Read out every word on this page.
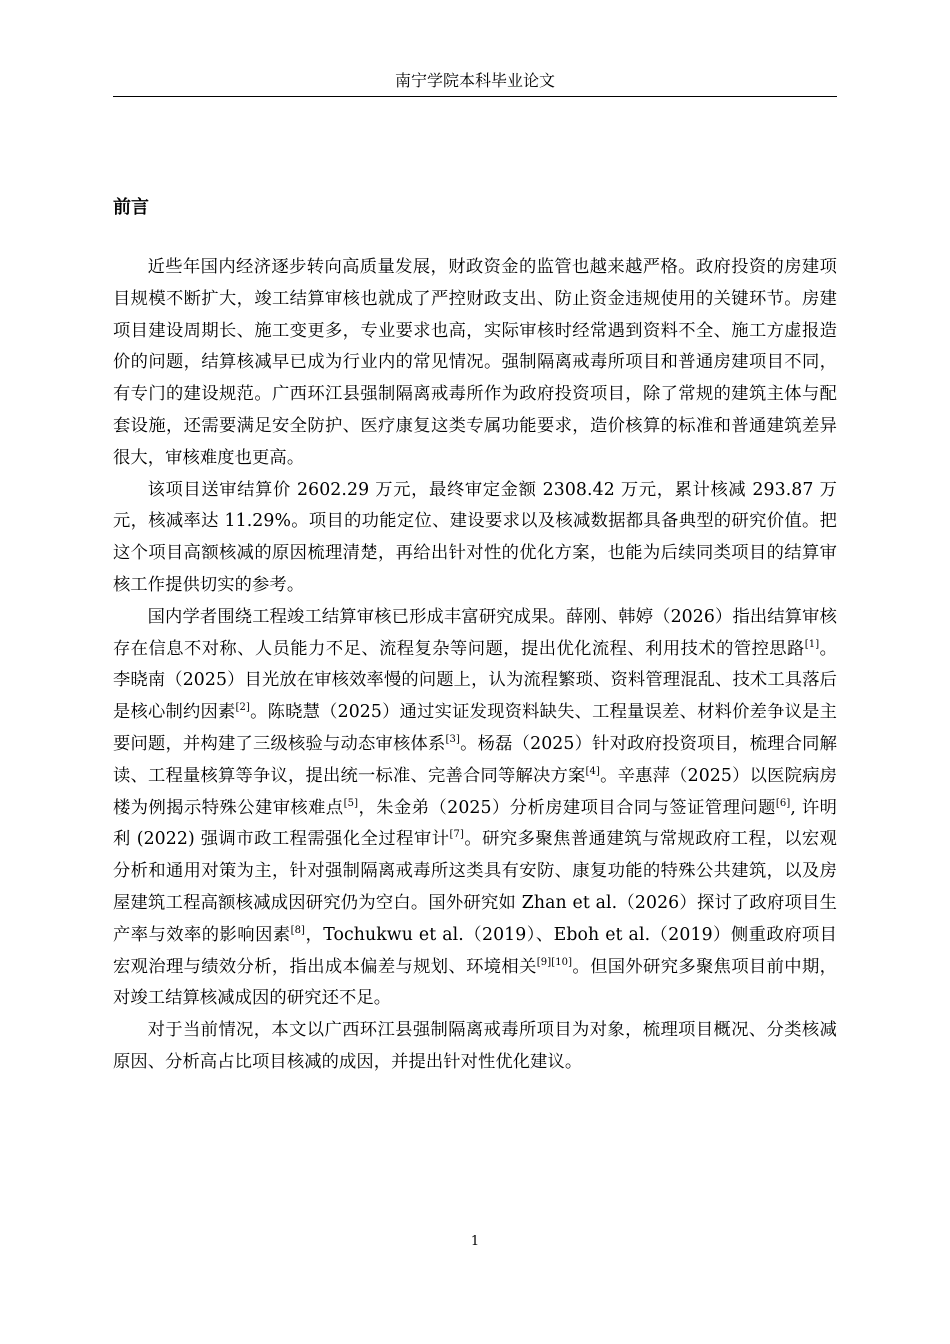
南宁学院本科毕业论文
前言

近些年国内经济逐步转向高质量发展，财政资金的监管也越来越严格。政府投资的房建项目规模不断扩大，竣工结算审核也就成了严控财政支出、防止资金违规使用的关键环节。房建项目建设周期长、施工变更多，专业要求也高，实际审核时经常遇到资料不全、施工方虚报造价的问题，结算核减早已成为行业内的常见情况。强制隔离戒毒所项目和普通房建项目不同，有专门的建设规范。广西环江县强制隔离戒毒所作为政府投资项目，除了常规的建筑主体与配套设施，还需要满足安全防护、医疗康复这类专属功能要求，造价核算的标准和普通建筑差异很大，审核难度也更高。

该项目送审结算价 2602.29 万元，最终审定金额 2308.42 万元，累计核减 293.87 万元，核减率达 11.29%。项目的功能定位、建设要求以及核减数据都具备典型的研究价值。把这个项目高额核减的原因梳理清楚，再给出针对性的优化方案，也能为后续同类项目的结算审核工作提供切实的参考。

国内学者围绕工程竣工结算审核已形成丰富研究成果。薛刚、韩婷（2026）指出结算审核存在信息不对称、人员能力不足、流程复杂等问题，提出优化流程、利用技术的管控思路[1]。李晓南（2025）目光放在审核效率慢的问题上，认为流程繁琐、资料管理混乱、技术工具落后是核心制约因素[2]。陈晓慧（2025）通过实证发现资料缺失、工程量误差、材料价差争议是主要问题，并构建了三级核验与动态审核体系[3]。杨磊（2025）针对政府投资项目，梳理合同解读、工程量核算等争议，提出统一标准、完善合同等解决方案[4]。辛惠萍（2025）以医院病房楼为例揭示特殊公建审核难点[5]，朱金弟（2025）分析房建项目合同与签证管理问题[6], 许明利 (2022) 强调市政工程需强化全过程审计[7]。研究多聚焦普通建筑与常规政府工程，以宏观分析和通用对策为主，针对强制隔离戒毒所这类具有安防、康复功能的特殊公共建筑，以及房屋建筑工程高额核减成因研究仍为空白。国外研究如 Zhan et al.（2026）探讨了政府项目生产率与效率的影响因素[8]，Tochukwu et al.（2019）、Eboh et al.（2019）侧重政府项目宏观治理与绩效分析，指出成本偏差与规划、环境相关[9][10]。但国外研究多聚焦项目前中期，对竣工结算核减成因的研究还不足。

对于当前情况，本文以广西环江县强制隔离戒毒所项目为对象，梳理项目概况、分类核减原因、分析高占比项目核减的成因，并提出针对性优化建议。

1
